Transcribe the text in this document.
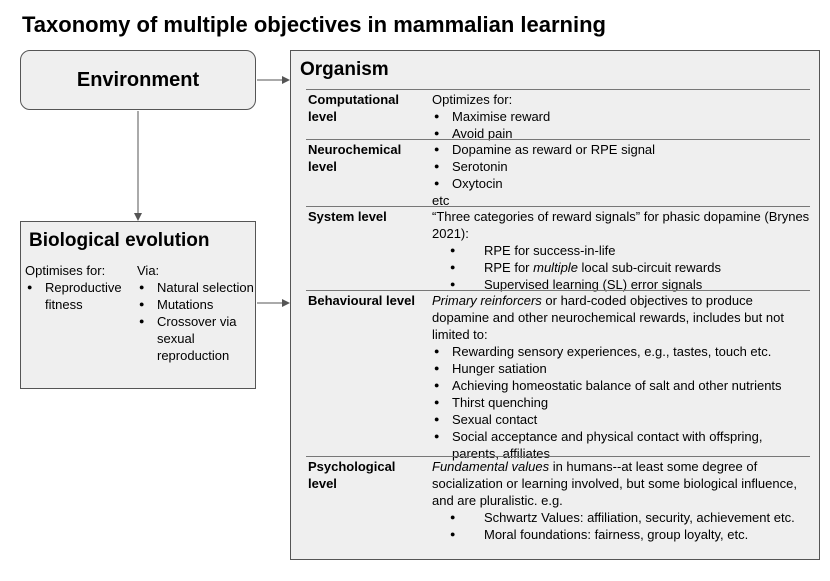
Taxonomy of multiple objectives in mammalian learning
Environment
Biological evolution
Optimises for:
● Reproductive fitness
Via:
● Natural selection
● Mutations
● Crossover via sexual reproduction
Organism
Computational level
Optimizes for:
● Maximise reward
● Avoid pain
Neurochemical level
● Dopamine as reward or RPE signal
● Serotonin
● Oxytocin
etc
System level	“Three categories of reward signals” for phasic dopamine (Brynes 2021):
● RPE for success-in-life
● RPE for multiple local sub-circuit rewards
● Supervised learning (SL) error signals
Behavioural level	Primary reinforcers or hard-coded objectives to produce dopamine and other neurochemical rewards, includes but not limited to:
● Rewarding sensory experiences, e.g., tastes, touch etc.
● Hunger satiation
● Achieving homeostatic balance of salt and other nutrients
● Thirst quenching
● Sexual contact
● Social acceptance and physical contact with offspring, parents, affiliates
Psychological level
Fundamental values in humans--at least some degree of socialization or learning involved, but some biological influence, and are pluralistic. e.g.
● Schwartz Values: affiliation, security, achievement etc.
● Moral foundations: fairness, group loyalty, etc.
